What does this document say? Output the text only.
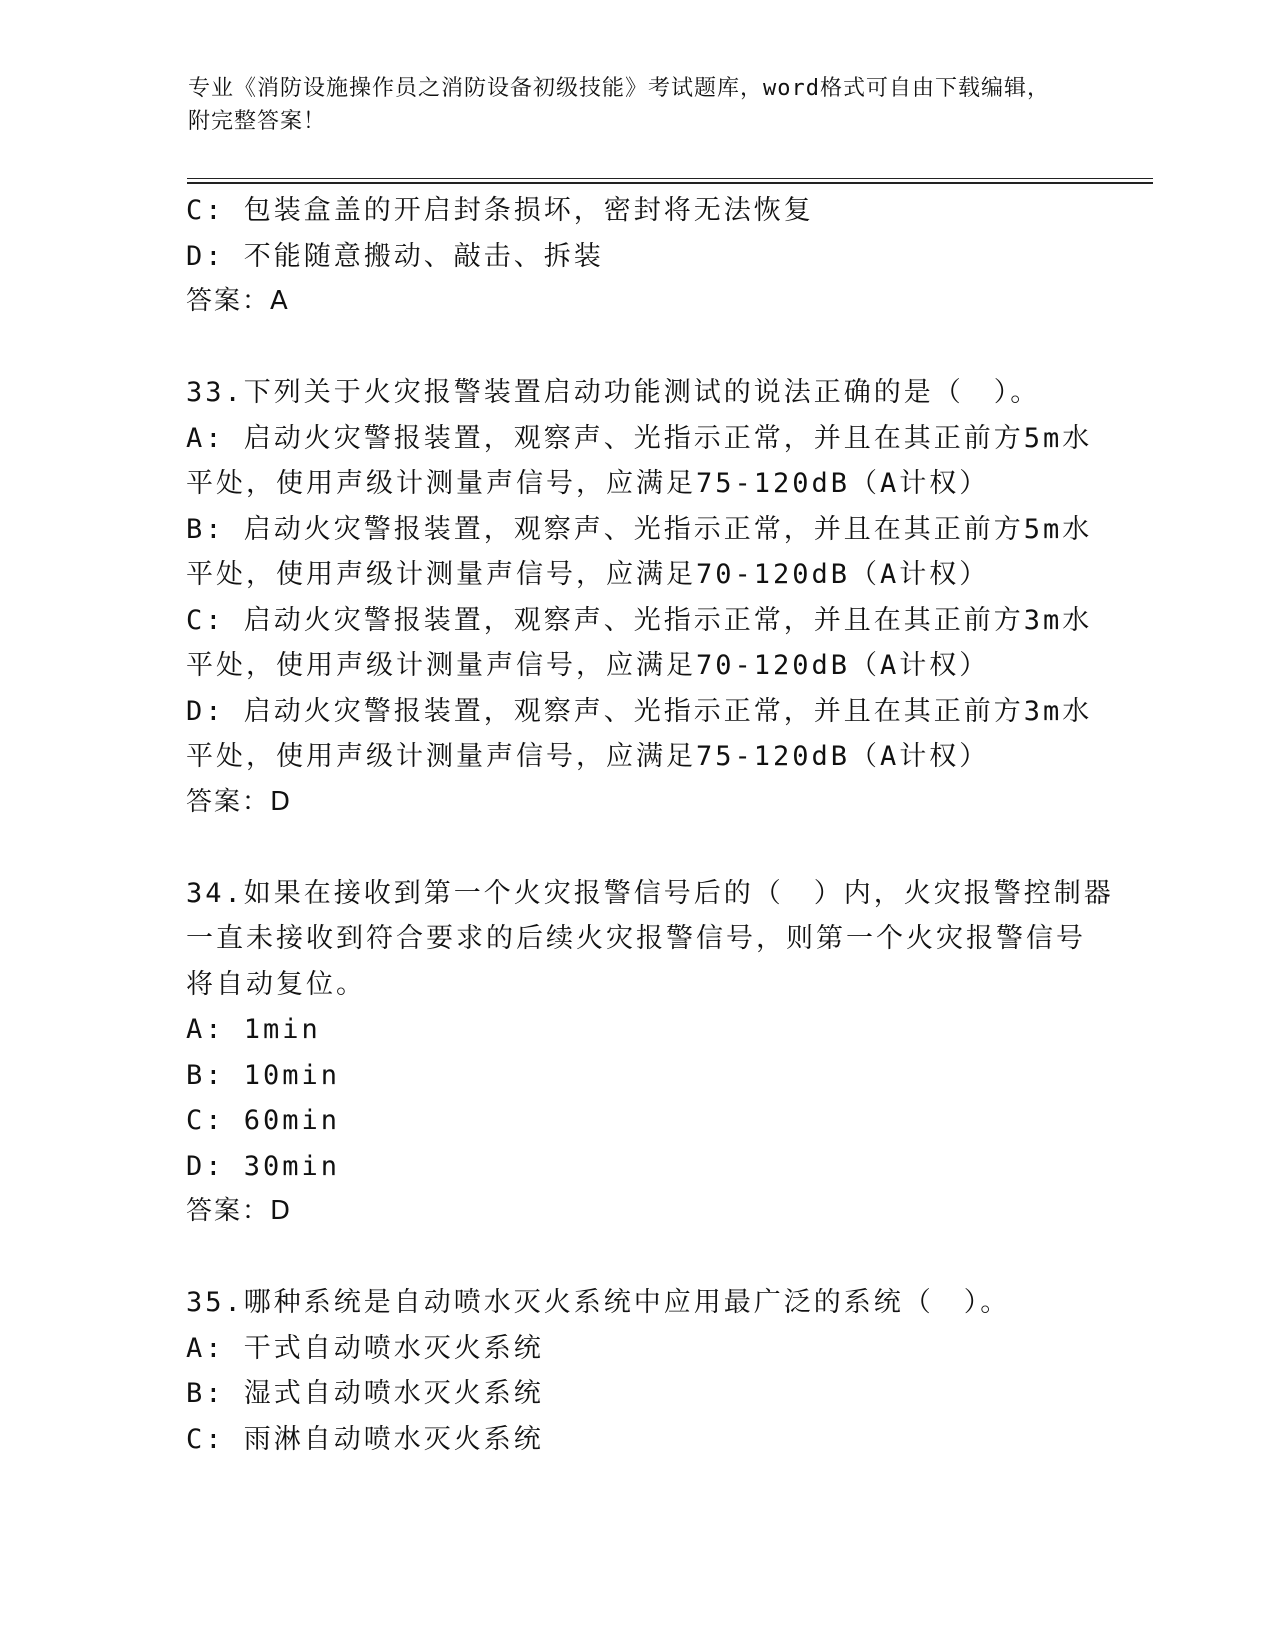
专业《消防设施操作员之消防设备初级技能》考试题库，word格式可自由下载编辑，附完整答案！
C: 包装盒盖的开启封条损坏，密封将无法恢复
D: 不能随意搬动、敲击、拆装
答案：A
33.下列关于火灾报警装置启动功能测试的说法正确的是（　）。
A: 启动火灾警报装置，观察声、光指示正常，并且在其正前方5m水
平处，使用声级计测量声信号，应满足75-120dB（A计权）
B: 启动火灾警报装置，观察声、光指示正常，并且在其正前方5m水
平处，使用声级计测量声信号，应满足70-120dB（A计权）
C: 启动火灾警报装置，观察声、光指示正常，并且在其正前方3m水
平处，使用声级计测量声信号，应满足70-120dB（A计权）
D: 启动火灾警报装置，观察声、光指示正常，并且在其正前方3m水
平处，使用声级计测量声信号，应满足75-120dB（A计权）
答案：D
34.如果在接收到第一个火灾报警信号后的（　）内，火灾报警控制器
一直未接收到符合要求的后续火灾报警信号，则第一个火灾报警信号
将自动复位。
A: 1min
B: 10min
C: 60min
D: 30min
答案：D
35.哪种系统是自动喷水灭火系统中应用最广泛的系统（　）。
A: 干式自动喷水灭火系统
B: 湿式自动喷水灭火系统
C: 雨淋自动喷水灭火系统
